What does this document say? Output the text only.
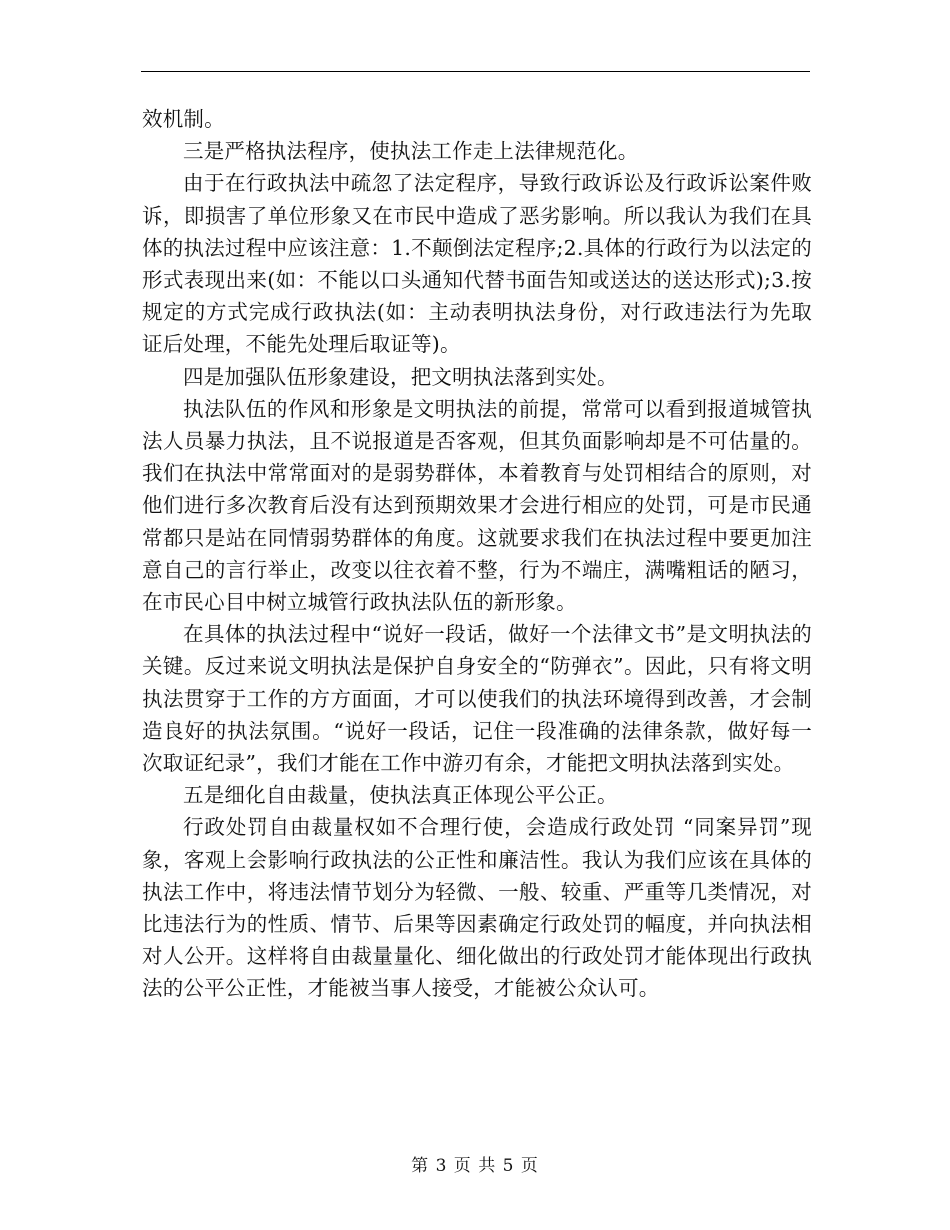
效机制。

三是严格执法程序，使执法工作走上法律规范化。

由于在行政执法中疏忽了法定程序，导致行政诉讼及行政诉讼案件败诉，即损害了单位形象又在市民中造成了恶劣影响。所以我认为我们在具体的执法过程中应该注意：1.不颠倒法定程序;2.具体的行政行为以法定的形式表现出来(如：不能以口头通知代替书面告知或送达的送达形式);3.按规定的方式完成行政执法(如：主动表明执法身份，对行政违法行为先取证后处理，不能先处理后取证等)。

四是加强队伍形象建设，把文明执法落到实处。

执法队伍的作风和形象是文明执法的前提，常常可以看到报道城管执法人员暴力执法，且不说报道是否客观，但其负面影响却是不可估量的。我们在执法中常常面对的是弱势群体，本着教育与处罚相结合的原则，对他们进行多次教育后没有达到预期效果才会进行相应的处罚，可是市民通常都只是站在同情弱势群体的角度。这就要求我们在执法过程中要更加注意自己的言行举止，改变以往衣着不整，行为不端庄，满嘴粗话的陋习，在市民心目中树立城管行政执法队伍的新形象。

在具体的执法过程中“说好一段话，做好一个法律文书”是文明执法的关键。反过来说文明执法是保护自身安全的“防弹衣”。因此，只有将文明执法贯穿于工作的方方面面，才可以使我们的执法环境得到改善，才会制造良好的执法氛围。“说好一段话，记住一段准确的法律条款，做好每一次取证纪录”，我们才能在工作中游刃有余，才能把文明执法落到实处。

五是细化自由裁量，使执法真正体现公平公正。

行政处罚自由裁量权如不合理行使，会造成行政处罚 “同案异罚”现象，客观上会影响行政执法的公正性和廉洁性。我认为我们应该在具体的执法工作中，将违法情节划分为轻微、一般、较重、严重等几类情况，对比违法行为的性质、情节、后果等因素确定行政处罚的幅度，并向执法相对人公开。这样将自由裁量量化、细化做出的行政处罚才能体现出行政执法的公平公正性，才能被当事人接受，才能被公众认可。

第 3 页 共 5 页
